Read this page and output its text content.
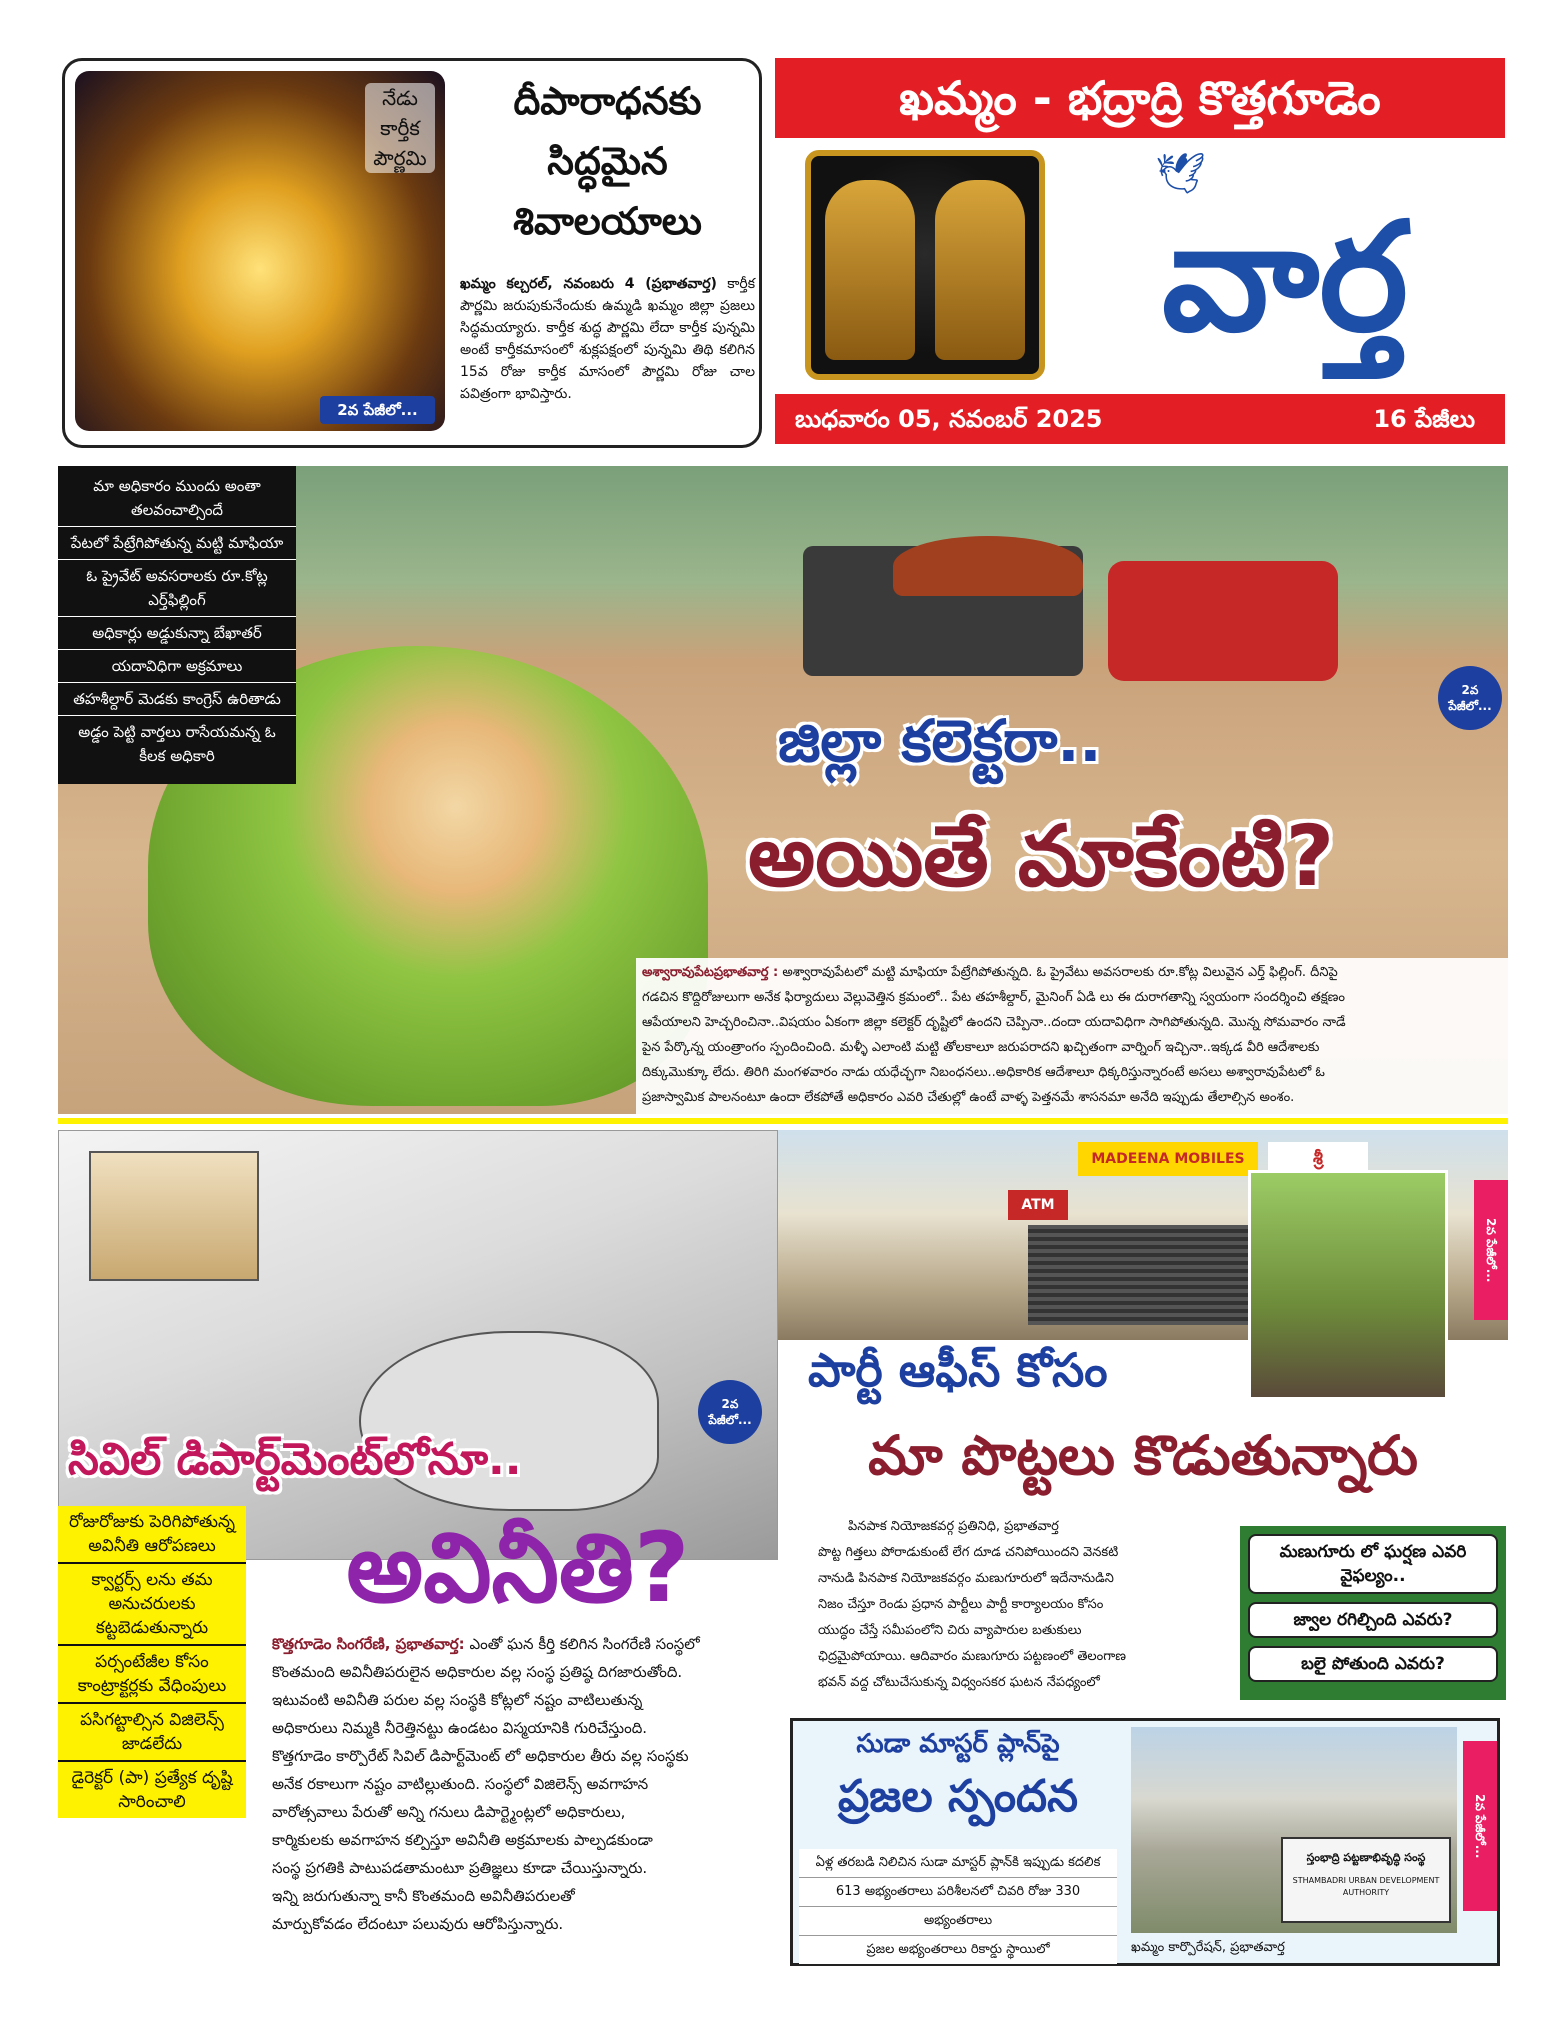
నేడు కార్తీక పౌర్ణమి
2వ పేజీలో...
దీపారాధనకు సిద్ధమైన శివాలయాలు
ఖమ్మం కల్చరల్, నవంబరు 4 (ప్రభాతవార్త) కార్తీక పౌర్ణమి జరుపుకునేందుకు ఉమ్మడి ఖమ్మం జిల్లా ప్రజలు సిద్ధమయ్యారు. కార్తీక శుద్ధ పౌర్ణమి లేదా కార్తీక పున్నమి అంటే కార్తీకమాసంలో శుక్లపక్షంలో పున్నమి తిథి కలిగిన 15వ రోజు కార్తీక మాసంలో పౌర్ణమి రోజు చాల పవిత్రంగా భావిస్తారు.
ఖమ్మం - భద్రాద్రి కొత్తగూడెం
🕊
వార్త
బుధవారం 05, నవంబర్ 2025	16 పేజీలు
మా అధికారం ముందు అంతా తలవంచాల్సిందే
పేటలో పేట్రేగిపోతున్న మట్టి మాఫియా
ఓ ప్రైవేట్ అవసరాలకు రూ.కోట్ల ఎర్త్‌ఫిల్లింగ్
అధికార్లు అడ్డుకున్నా బేఖాతర్
యదావిధిగా అక్రమాలు
తహశీల్దార్ మెడకు కాంగ్రెస్ ఉరితాడు
అడ్డం పెట్టి వార్తలు రాసేయమన్న ఓ కీలక అధికారి
2వ పేజీలో...
జిల్లా కలెక్టరా..
అయితే మాకేంటి?
అశ్వారావుపేటప్రభాతవార్త : అశ్వారావుపేటలో మట్టి మాఫియా పేట్రేగిపోతున్నది. ఓ ప్రైవేటు అవసరాలకు రూ.కోట్ల విలువైన ఎర్త్ ఫిల్లింగ్. దీనిపై
గడచిన కొద్దిరోజులుగా అనేక ఫిర్యాదులు వెల్లువెత్తిన క్రమంలో.. పేట తహశీల్దార్, మైనింగ్ ఏడి లు ఈ దురాగతాన్ని స్వయంగా సందర్శించి తక్షణం
ఆపేయాలని హెచ్చరించినా..విషయం ఏకంగా జిల్లా కలెక్టర్ దృష్టిలో ఉందని చెప్పినా..దందా యదావిధిగా సాగిపోతున్నది. మొన్న సోమవారం నాడే
పైన పేర్కొన్న యంత్రాంగం స్పందించింది. మళ్ళీ ఎలాంటి మట్టి తోలకాలూ జరుపరాదని ఖచ్చితంగా వార్నింగ్ ఇచ్చినా..ఇక్కడ వీరి ఆదేశాలకు
దిక్కుమొక్కూ లేదు. తిరిగి మంగళవారం నాడు యధేచ్ఛగా నిబంధనలు..అధికారిక ఆదేశాలూ ధిక్కరిస్తున్నారంటే అసలు అశ్వారావుపేటలో ఓ
ప్రజాస్వామిక పాలనంటూ ఉందా లేకపోతే అధికారం ఎవరి చేతుల్లో ఉంటే వాళ్ళ పెత్తనమే శాసనమా అనేది ఇప్పుడు తేలాల్సిన అంశం.
2వ పేజీలో...
సివిల్ డిపార్ట్‌మెంట్‌లోనూ..
రోజురోజుకు పెరిగిపోతున్న అవినీతి ఆరోపణలు
క్వార్టర్స్ లను తమ అనుచరులకు కట్టబెడుతున్నారు
పర్సంటేజీల కోసం కాంట్రాక్టర్లకు వేధింపులు
పసిగట్టాల్సిన విజిలెన్స్ జాడలేదు
డైరెక్టర్ (పా) ప్రత్యేక దృష్టి సారించాలి
అవినీతి?
కొత్తగూడెం సింగరేణి, ప్రభాతవార్త: ఎంతో ఘన కీర్తి కలిగిన సింగరేణి సంస్థలో
కొంతమంది అవినీతిపరులైన అధికారుల వల్ల సంస్థ ప్రతిష్ఠ దిగజారుతోంది.
ఇటువంటి అవినీతి పరుల వల్ల సంస్థకి కోట్లలో నష్టం వాటిలుతున్న
అధికారులు నిమ్మకి నీరెత్తినట్టు ఉండటం విస్మయానికి గురిచేస్తుంది.
కొత్తగూడెం కార్పొరేట్ సివిల్ డిపార్ట్‌మెంట్ లో అధికారుల తీరు వల్ల సంస్థకు
అనేక రకాలుగా నష్టం వాటిల్లుతుంది. సంస్థలో విజిలెన్స్ అవగాహన
వారోత్సవాలు పేరుతో అన్ని గనులు డిపార్ట్మెంట్లలో అధికారులు,
కార్మికులకు అవగాహన కల్పిస్తూ అవినీతి అక్రమాలకు పాల్పడకుండా
సంస్థ ప్రగతికి పాటుపడతామంటూ ప్రతిజ్ఞలు కూడా చేయిస్తున్నారు.
ఇన్ని జరుగుతున్నా కానీ కొంతమంది అవినీతిపరులతో
మార్పుకోవడం లేదంటూ పలువురు ఆరోపిస్తున్నారు.
MADEENA MOBILES
ATM
శ్రీ
2వ పేజీలో...
పార్టీ ఆఫీస్ కోసం
మా పొట్టలు కొడుతున్నారు
పినపాక నియోజకవర్గ ప్రతినిధి, ప్రభాతవార్త
పొట్ట గిత్తలు పోరాడుకుంటే లేగ దూడ చనిపోయిందని వెనకటి
నానుడి పినపాక నియోజకవర్గం మణుగూరులో ఇదేనానుడిని
నిజం చేస్తూ రెండు ప్రధాన పార్టీలు పార్టీ కార్యాలయం కోసం
యుద్ధం చేస్తే సమీపంలోని చిరు వ్యాపారుల బతుకులు
ఛిద్రమైపోయాయి. ఆదివారం మణుగూరు పట్టణంలో తెలంగాణ
భవన్ వద్ద చోటుచేసుకున్న విధ్వంసకర ఘటన నేపధ్యంలో
మణుగూరు లో ఘర్షణ ఎవరి వైఫల్యం..
జ్వాల రగిల్చింది ఎవరు?
బలై పోతుంది ఎవరు?
సుడా మాస్టర్ ప్లాన్‌పై
ప్రజల స్పందన
ఏళ్ల తరబడి నిలిచిన సుడా మాస్టర్ ప్లాన్‌కి ఇప్పుడు కదలిక
613 అభ్యంతరాలు పరిశీలనలో చివరి రోజు 330
అభ్యంతరాలు
ప్రజల అభ్యంతరాలు రికార్డు స్థాయిలో
స్తంభాద్రి పట్టణాభివృద్ధి సంస్థ
STHAMBADRI URBAN DEVELOPMENT AUTHORITY
ఖమ్మం కార్పొరేషన్, ప్రభాతవార్త
2వ పేజీలో...
